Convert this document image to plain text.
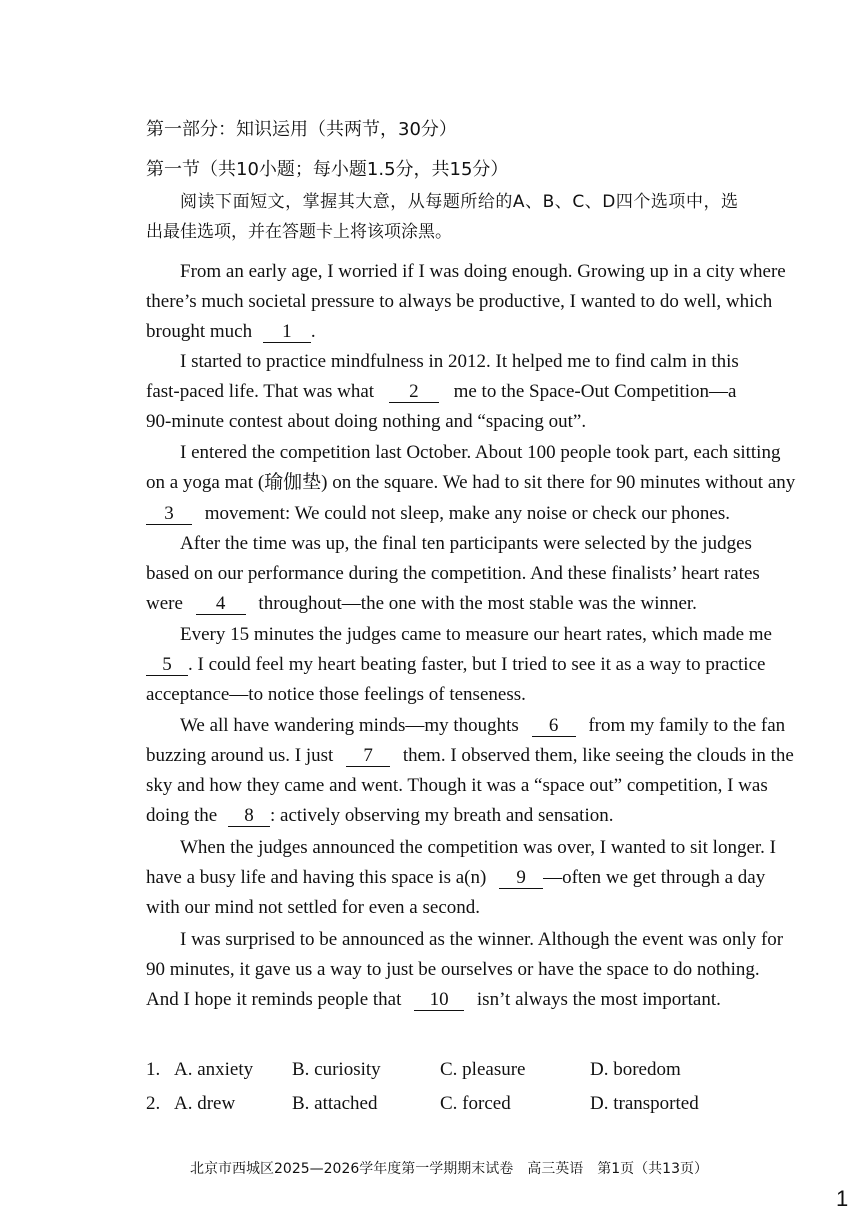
第一部分：知识运用（共两节，30分）
第一节（共10小题；每小题1.5分，共15分）
阅读下面短文，掌握其大意，从每题所给的A、B、C、D四个选项中，选
出最佳选项，并在答题卡上将该项涂黑。
From an early age, I worried if I was doing enough. Growing up in a city where
there’s much societal pressure to always be productive, I wanted to do well, which
brought much 1 .
I started to practice mindfulness in 2012. It helped me to find calm in this
fast-paced life. That was what 2 me to the Space-Out Competition—a
90-minute contest about doing nothing and “spacing out”.
I entered the competition last October. About 100 people took part, each sitting
on a yoga mat (瑜伽垫) on the square. We had to sit there for 90 minutes without any
3 movement: We could not sleep, make any noise or check our phones.
After the time was up, the final ten participants were selected by the judges
based on our performance during the competition. And these finalists’ heart rates
were 4 throughout—the one with the most stable was the winner.
Every 15 minutes the judges came to measure our heart rates, which made me
5 . I could feel my heart beating faster, but I tried to see it as a way to practice
acceptance—to notice those feelings of tenseness.
We all have wandering minds—my thoughts 6 from my family to the fan
buzzing around us. I just 7 them. I observed them, like seeing the clouds in the
sky and how they came and went. Though it was a “space out” competition, I was
doing the 8 : actively observing my breath and sensation.
When the judges announced the competition was over, I wanted to sit longer. I
have a busy life and having this space is a(n) 9 —often we get through a day
with our mind not settled for even a second.
I was surprised to be announced as the winner. Although the event was only for
90 minutes, it gave us a way to just be ourselves or have the space to do nothing.
And I hope it reminds people that 10 isn’t always the most important.
1. A. anxiety B. curiosity	C. pleasure	D. boredom
2. A. drew	B. attached	C. forced	D. transported
北京市西城区2025—2026学年度第一学期期末试卷　高三英语　第1页（共13页）
1
